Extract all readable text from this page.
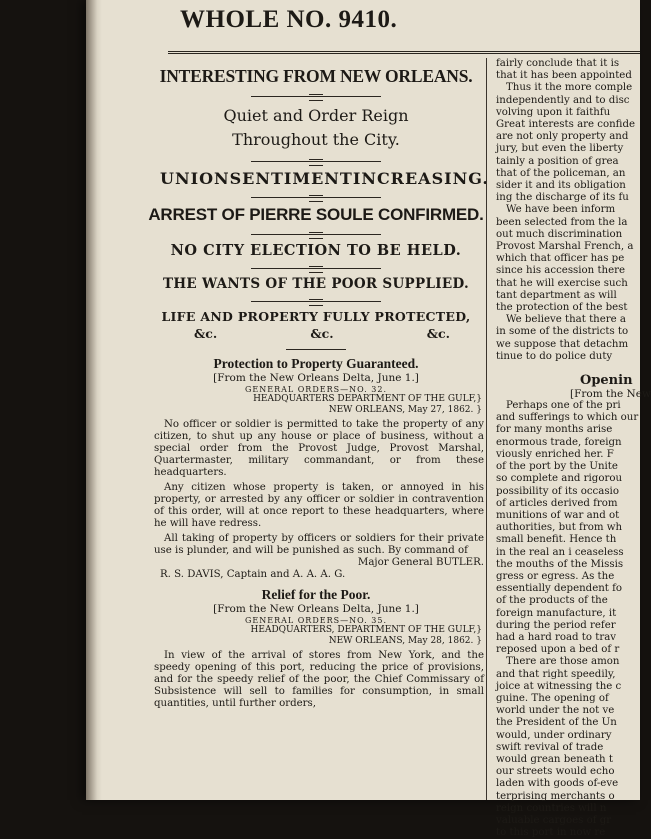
WHOLE NO. 9410.
INTERESTING FROM NEW ORLEANS.
Quiet and Order Reign Throughout the City.
UNION SENTIMENT INCREASING.
ARREST OF PIERRE SOULE CONFIRMED.
NO CITY ELECTION TO BE HELD.
THE WANTS OF THE POOR SUPPLIED.
LIFE AND PROPERTY FULLY PROTECTED,
&c.	&c.	&c.
Protection to Property Guaranteed.
[From the New Orleans Delta, June 1.]
GENERAL ORDERS—NO. 32.
HEADQUARTERS DEPARTMENT OF THE GULF,}
NEW ORLEANS, May 27, 1862. }

No officer or soldier is permitted to take the property of any citizen, to shut up any house or place of business, without a special order from the Provost Judge, Provost Marshal, Quartermaster, military commandant, or from these headquarters.

Any citizen whose property is taken, or annoyed in his property, or arrested by any officer or soldier in contravention of this order, will at once report to these headquarters, where he will have redress.

All taking of property by officers or soldiers for their private use is plunder, and will be punished as such. By command of

Major General BUTLER.
R. S. DAVIS, Captain and A. A. A. G.
Relief for the Poor.
[From the New Orleans Delta, June 1.]
GENERAL ORDERS—NO. 35.
HEADQUARTERS, DEPARTMENT OF THE GULF,}
NEW ORLEANS, May 28, 1862. }

In view of the arrival of stores from New York, and the speedy opening of this port, reducing the price of provisions, and for the speedy relief of the poor, the Chief Commissary of Subsistence will sell to families for consumption, in small quantities, until further orders,

fairly conclude that it is
that it has been appointed
Thus it the more comple
independently and to disc
volving upon it faithfu
Great interests are confide
are not only property and
jury, but even the liberty
tainly a position of grea
that of the policeman, an
sider it and its obligation
ing the discharge of its fu
We have been inform
been selected from the la
out much discrimination
Provost Marshal French, a
which that officer has pe
since his accession there
that he will exercise such
tant department as will
the protection of the best
We believe that there a
in some of the districts to
we suppose that detachm
tinue to do police duty
Openin
[From the New
Perhaps one of the pri
and sufferings to which our
for many months arise
enormous trade, foreign
viously enriched her. F
of the port by the Unite
so complete and rigorou
possibility of its occasio
of articles derived from
munitions of war and ot
authorities, but from wh
small benefit. Hence th
in the real an i ceaseless
the mouths of the Missis
gress or egress. As the
essentially dependent fo
of the products of the
foreign manufacture, it
during the period refer
had a hard road to trav
reposed upon a bed of r
There are those amon
and that right speedily,
joice at witnessing the c
guine. The opening of
world under the not ve
the President of the Un
would, under ordinary
swift revival of trade
would grean beneath t
our streets would echo
laden with goods of-eve
terprising merchants o
reign countries will n
valuable cargoes of gr
to this port in now re
